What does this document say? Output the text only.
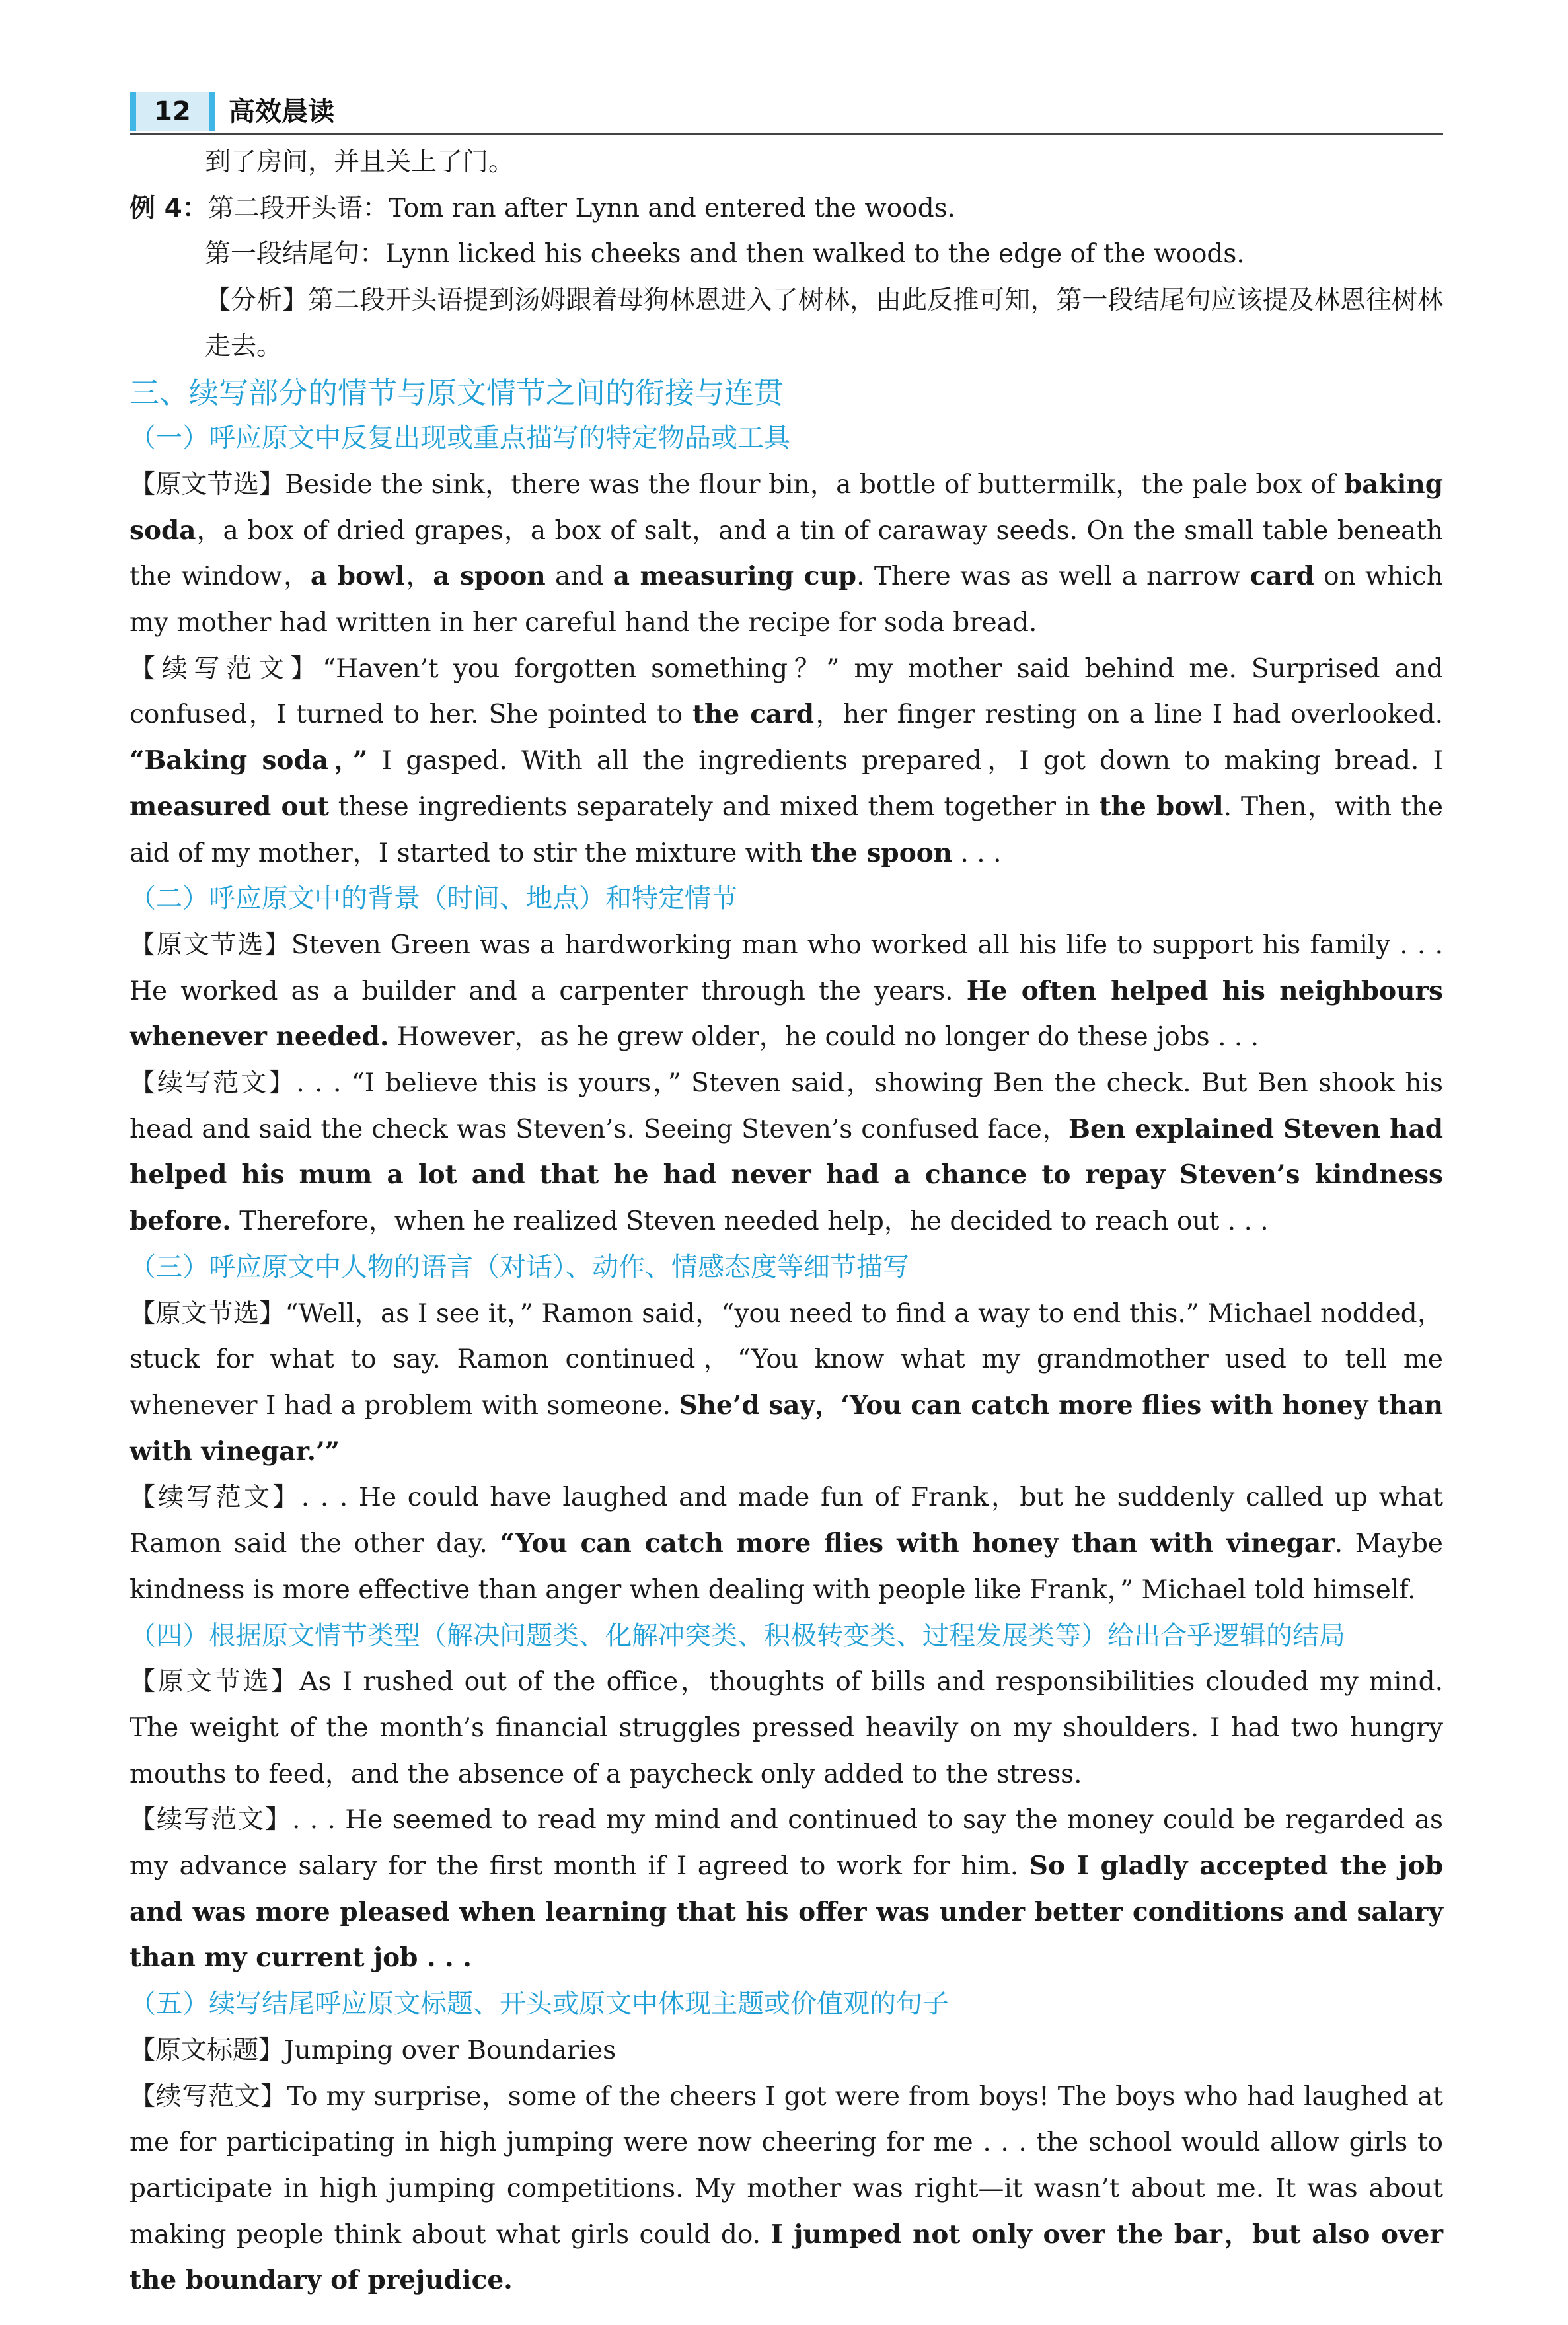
12	高效晨读

到了房间，并且关上了门。

例 4：第二段开头语：Tom ran after Lynn and entered the woods.

第一段结尾句：Lynn licked his cheeks and then walked to the edge of the woods.

【分析】第二段开头语提到汤姆跟着母狗林恩进入了树林，由此反推可知，第一段结尾句应该提及林恩往树林走去。

三、续写部分的情节与原文情节之间的衔接与连贯

（一）呼应原文中反复出现或重点描写的特定物品或工具

【原文节选】Beside the sink，there was the flour bin，a bottle of buttermilk，the pale box of baking soda，a box of dried grapes，a box of salt，and a tin of caraway seeds. On the small table beneath the window，a bowl，a spoon and a measuring cup. There was as well a narrow card on which my mother had written in her careful hand the recipe for soda bread.

【续写范文】“Haven’t you forgotten something？” my mother said behind me. Surprised and confused，I turned to her. She pointed to the card，her finger resting on a line I had overlooked. “Baking soda，” I gasped. With all the ingredients prepared，I got down to making bread. I measured out these ingredients separately and mixed them together in the bowl. Then，with the aid of my mother，I started to stir the mixture with the spoon . . .

（二）呼应原文中的背景（时间、地点）和特定情节

【原文节选】Steven Green was a hardworking man who worked all his life to support his family . . . He worked as a builder and a carpenter through the years. He often helped his neighbours whenever needed. However，as he grew older，he could no longer do these jobs . . .

【续写范文】. . . “I believe this is yours，” Steven said，showing Ben the check. But Ben shook his head and said the check was Steven’s. Seeing Steven’s confused face，Ben explained Steven had helped his mum a lot and that he had never had a chance to repay Steven’s kindness before. Therefore，when he realized Steven needed help，he decided to reach out . . .

（三）呼应原文中人物的语言（对话）、动作、情感态度等细节描写

【原文节选】“Well，as I see it，” Ramon said，“you need to find a way to end this.” Michael nodded，stuck for what to say. Ramon continued，“You know what my grandmother used to tell me whenever I had a problem with someone. She’d say，‘You can catch more flies with honey than with vinegar.’”

【续写范文】. . . He could have laughed and made fun of Frank，but he suddenly called up what Ramon said the other day. “You can catch more flies with honey than with vinegar. Maybe kindness is more effective than anger when dealing with people like Frank，” Michael told himself.

（四）根据原文情节类型（解决问题类、化解冲突类、积极转变类、过程发展类等）给出合乎逻辑的结局

【原文节选】As I rushed out of the office，thoughts of bills and responsibilities clouded my mind. The weight of the month’s financial struggles pressed heavily on my shoulders. I had two hungry mouths to feed，and the absence of a paycheck only added to the stress.

【续写范文】. . . He seemed to read my mind and continued to say the money could be regarded as my advance salary for the first month if I agreed to work for him. So I gladly accepted the job and was more pleased when learning that his offer was under better conditions and salary than my current job . . .

（五）续写结尾呼应原文标题、开头或原文中体现主题或价值观的句子

【原文标题】Jumping over Boundaries

【续写范文】To my surprise，some of the cheers I got were from boys! The boys who had laughed at me for participating in high jumping were now cheering for me . . . the school would allow girls to participate in high jumping competitions. My mother was right—it wasn’t about me. It was about making people think about what girls could do. I jumped not only over the bar，but also over the boundary of prejudice.
